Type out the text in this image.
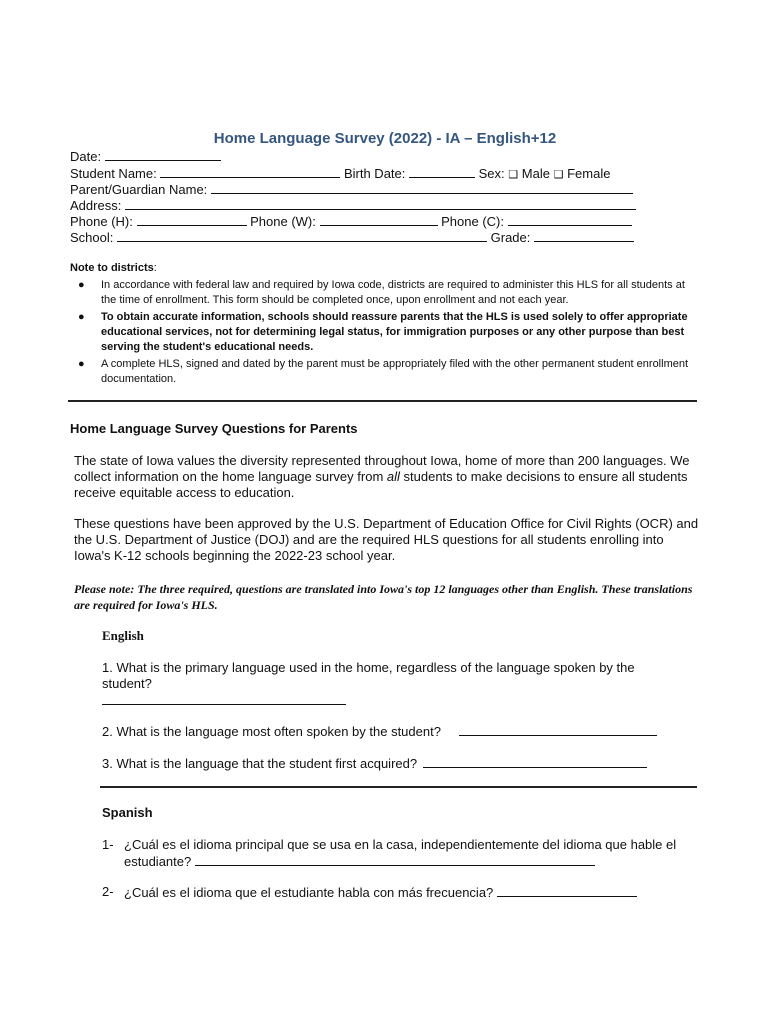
Home Language Survey (2022) - IA – English+12
Date:
Student Name:	Birth Date:	Sex: ❑ Male ❑ Female
Parent/Guardian Name:
Address:
Phone (H):	Phone (W):	Phone (C):
School:	Grade:
Note to districts:
● In accordance with federal law and required by Iowa code, districts are required to administer this HLS for all students at the time of enrollment. This form should be completed once, upon enrollment and not each year.
● To obtain accurate information, schools should reassure parents that the HLS is used solely to offer appropriate educational services, not for determining legal status, for immigration purposes or any other purpose than best serving the student's educational needs.
● A complete HLS, signed and dated by the parent must be appropriately filed with the other permanent student enrollment documentation.
Home Language Survey Questions for Parents
The state of Iowa values the diversity represented throughout Iowa, home of more than 200 languages. We collect information on the home language survey from all students to make decisions to ensure all students receive equitable access to education.
These questions have been approved by the U.S. Department of Education Office for Civil Rights (OCR) and the U.S. Department of Justice (DOJ) and are the required HLS questions for all students enrolling into Iowa's K-12 schools beginning the 2022-23 school year.
Please note: The three required, questions are translated into Iowa's top 12 languages other than English. These translations are required for Iowa's HLS.
English
1. What is the primary language used in the home, regardless of the language spoken by the
student?
2. What is the language most often spoken by the student?
3. What is the language that the student first acquired?
Spanish
1- ¿Cuál es el idioma principal que se usa en la casa, independientemente del idioma que hable el
estudiante?
2- ¿Cuál es el idioma que el estudiante habla con más frecuencia?
